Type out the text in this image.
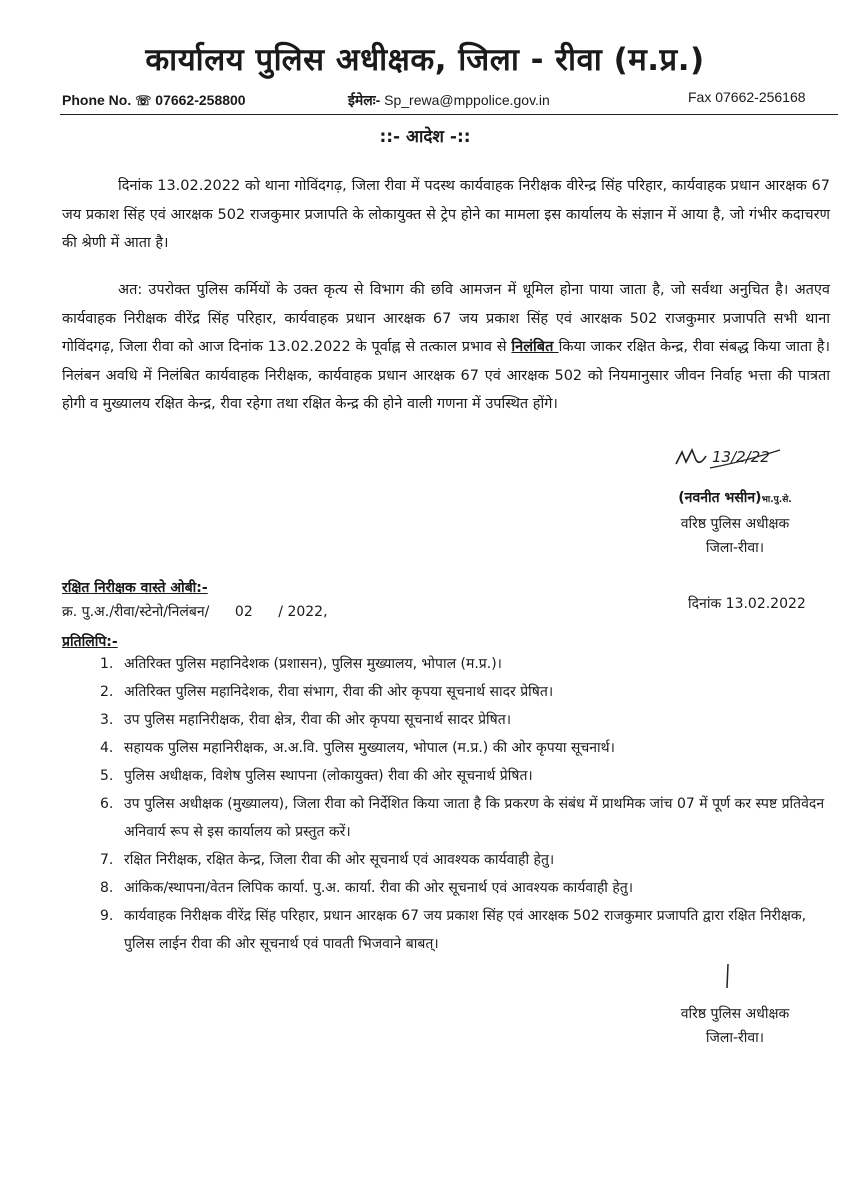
कार्यालय पुलिस अधीक्षक, जिला - रीवा (म.प्र.)
Phone No. ☏ 07662-258800	ईमेलः- Sp_rewa@mppolice.gov.in	Fax 07662-256168
::- आदेश -::
दिनांक 13.02.2022 को थाना गोविंदगढ़, जिला रीवा में पदस्थ कार्यवाहक निरीक्षक वीरेन्द्र सिंह परिहार, कार्यवाहक प्रधान आरक्षक 67 जय प्रकाश सिंह एवं आरक्षक 502 राजकुमार प्रजापति के लोकायुक्त से ट्रेप होने का मामला इस कार्यालय के संज्ञान में आया है, जो गंभीर कदाचरण की श्रेणी में आता है।
अत: उपरोक्त पुलिस कर्मियों के उक्त कृत्य से विभाग की छवि आमजन में धूमिल होना पाया जाता है, जो सर्वथा अनुचित है। अतएव कार्यवाहक निरीक्षक वीरेंद्र सिंह परिहार, कार्यवाहक प्रधान आरक्षक 67 जय प्रकाश सिंह एवं आरक्षक 502 राजकुमार प्रजापति सभी थाना गोविंदगढ़, जिला रीवा को आज दिनांक 13.02.2022 के पूर्वाह्न से तत्काल प्रभाव से निलंबित किया जाकर रक्षित केन्द्र, रीवा संबद्ध किया जाता है। निलंबन अवधि में निलंबित कार्यवाहक निरीक्षक, कार्यवाहक प्रधान आरक्षक 67 एवं आरक्षक 502 को नियमानुसार जीवन निर्वाह भत्ता की पात्रता होगी व मुख्यालय रक्षित केन्द्र, रीवा रहेगा तथा रक्षित केन्द्र की होने वाली गणना में उपस्थित होंगे।
13/2/22
(नवनीत भसीन)भा.पु.से.
वरिष्ठ पुलिस अधीक्षक
जिला-रीवा।
रक्षित निरीक्षक वास्ते ओबी:-
क्र. पु.अ./रीवा/स्टेनो/निलंबन/ 02 / 2022,	दिनांक 13.02.2022
प्रतिलिपि:-
1. अतिरिक्त पुलिस महानिदेशक (प्रशासन), पुलिस मुख्यालय, भोपाल (म.प्र.)।
2. अतिरिक्त पुलिस महानिदेशक, रीवा संभाग, रीवा की ओर कृपया सूचनार्थ सादर प्रेषित।
3. उप पुलिस महानिरीक्षक, रीवा क्षेत्र, रीवा की ओर कृपया सूचनार्थ सादर प्रेषित।
4. सहायक पुलिस महानिरीक्षक, अ.अ.वि. पुलिस मुख्यालय, भोपाल (म.प्र.) की ओर कृपया सूचनार्थ।
5. पुलिस अधीक्षक, विशेष पुलिस स्थापना (लोकायुक्त) रीवा की ओर सूचनार्थ प्रेषित।
6. उप पुलिस अधीक्षक (मुख्यालय), जिला रीवा को निर्देशित किया जाता है कि प्रकरण के संबंध में प्राथमिक जांच 07 में पूर्ण कर स्पष्ट प्रतिवेदन अनिवार्य रूप से इस कार्यालय को प्रस्तुत करें।
7. रक्षित निरीक्षक, रक्षित केन्द्र, जिला रीवा की ओर सूचनार्थ एवं आवश्यक कार्यवाही हेतु।
8. आंकिक/स्थापना/वेतन लिपिक कार्या. पु.अ. कार्या. रीवा की ओर सूचनार्थ एवं आवश्यक कार्यवाही हेतु।
9. कार्यवाहक निरीक्षक वीरेंद्र सिंह परिहार, प्रधान आरक्षक 67 जय प्रकाश सिंह एवं आरक्षक 502 राजकुमार प्रजापति द्वारा रक्षित निरीक्षक, पुलिस लाईन रीवा की ओर सूचनार्थ एवं पावती भिजवाने बाबत्।
वरिष्ठ पुलिस अधीक्षक
जिला-रीवा।
